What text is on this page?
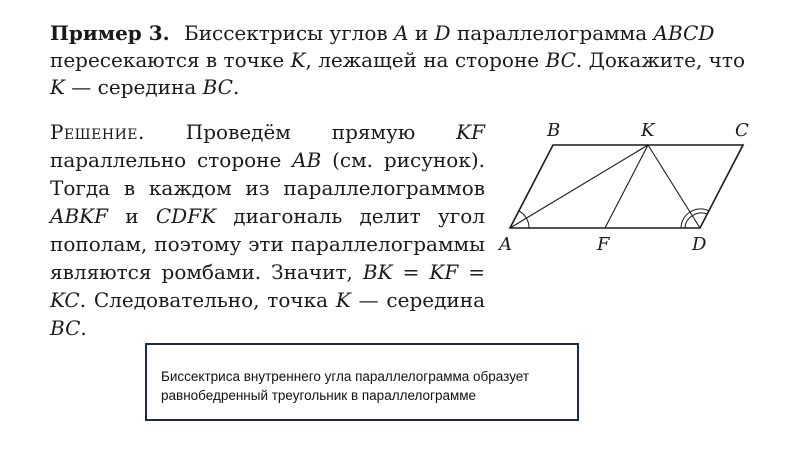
Пример 3. Биссектрисы углов A и D параллелограмма ABCD пересекаются в точке K, лежащей на стороне BC. Докажите, что K — середина BC.

Решение. Проведём прямую KF параллельно стороне AB (см. рисунок). Тогда в каждом из параллелограммов ABKF и CDFK диагональ делит угол пополам, поэтому эти параллелограммы являются ромбами. Значит, BK = KF = KC. Следовательно, точка K — середина BC.

B	K	C
A	F	D

Биссектриса внутреннего угла параллелограмма образует равнобедренный треугольник в параллелограмме
